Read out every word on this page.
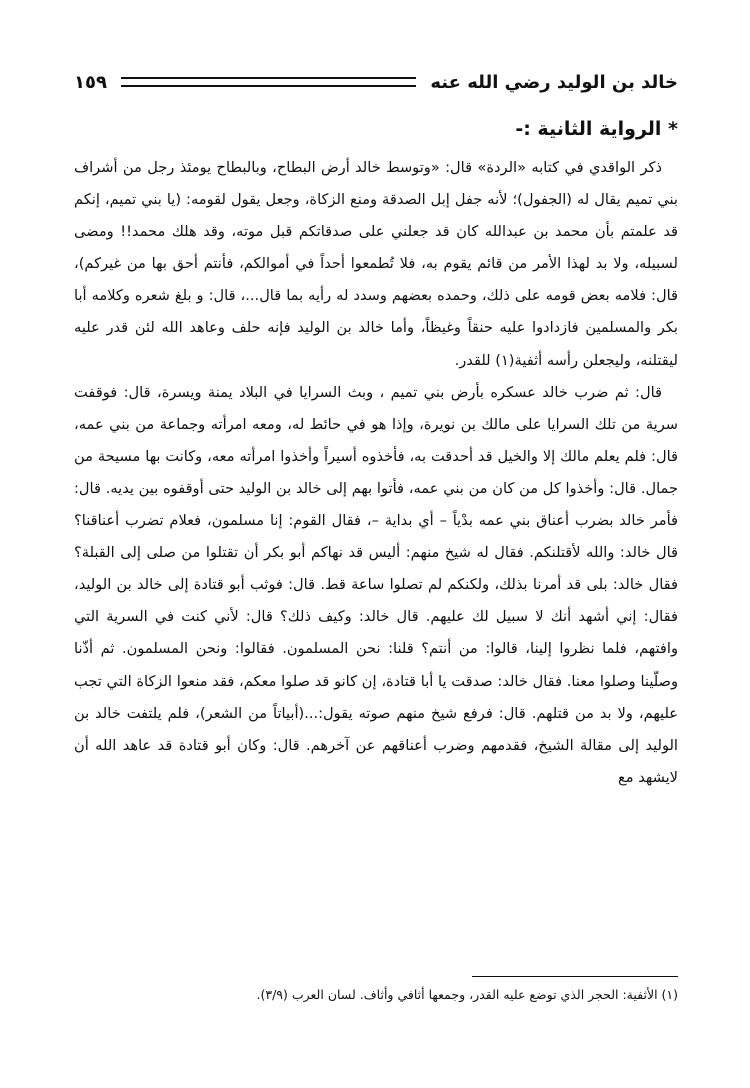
خالد بن الوليد رضي الله عنه
١٥٩
* الرواية الثانية :-

ذكر الواقدي في كتابه «الردة» قال: «وتوسط خالد أرض البطاح، وبالبطاح يومئذ رجل من أشراف بني تميم يقال له (الجفول)؛ لأنه جفل إبل الصدقة ومنع الزكاة، وجعل يقول لقومه: (يا بني تميم، إنكم قد علمتم بأن محمد بن عبدالله كان قد جعلني على صدقاتكم قبل موته، وقد هلك محمد!! ومضى لسبيله، ولا بد لهذا الأمر من قائم يقوم به، فلا تُطمعوا أحداً في أموالكم، فأنتم أحق بها من غيركم)، قال: فلامه بعض قومه على ذلك، وحمده بعضهم وسدد له رأيه بما قال...، قال: و بلغ شعره وكلامه أبا بكر والمسلمين فازدادوا عليه حنقاً وغيظاً، وأما خالد بن الوليد فإنه حلف وعاهد الله لئن قدر عليه ليقتلنه، وليجعلن رأسه أثفية(١) للقدر.

قال: ثم ضرب خالد عسكره بأرض بني تميم ، وبث السرايا في البلاد يمنة ويسرة، قال: فوقفت سرية من تلك السرايا على مالك بن نويرة، وإذا هو في حائط له، ومعه امرأته وجماعة من بني عمه، قال: فلم يعلم مالك إلا والخيل قد أحدقت به، فأخذوه أسيراً وأخذوا امرأته معه، وكانت بها مسيحة من جمال. قال: وأخذوا كل من كان من بني عمه، فأتوا بهم إلى خالد بن الوليد حتى أوقفوه بين يديه. قال: فأمر خالد بضرب أعناق بني عمه بدْياً – أي بداية –، فقال القوم: إنا مسلمون، فعلام تضرب أعناقنا؟ قال خالد: والله لأقتلنكم. فقال له شيخ منهم: أليس قد نهاكم أبو بكر أن تقتلوا من صلى إلى القبلة؟ فقال خالد: بلى قد أمرنا بذلك، ولكنكم لم تصلوا ساعة قط. قال: فوثب أبو قتادة إلى خالد بن الوليد، فقال: إني أشهد أنك لا سبيل لك عليهم. قال خالد: وكيف ذلك؟ قال: لأني كنت في السرية التي وافتهم، فلما نظروا إلينا، قالوا: من أنتم؟ قلنا: نحن المسلمون. فقالوا: ونحن المسلمون. ثم أذّنا وصلّينا وصلوا معنا. فقال خالد: صدقت يا أبا قتادة، إن كانو قد صلوا معكم، فقد منعوا الزكاة التي تجب عليهم، ولا بد من قتلهم. قال: فرفع شيخ منهم صوته يقول:...(أبياتاً من الشعر)، فلم يلتفت خالد بن الوليد إلى مقالة الشيخ، فقدمهم وضرب أعناقهم عن آخرهم. قال: وكان أبو قتادة قد عاهد الله أن لايشهد مع

(١) الأثفية: الحجر الذي توضع عليه القدر، وجمعها أثافي وأثاف. لسان العرب (٣/٩).
